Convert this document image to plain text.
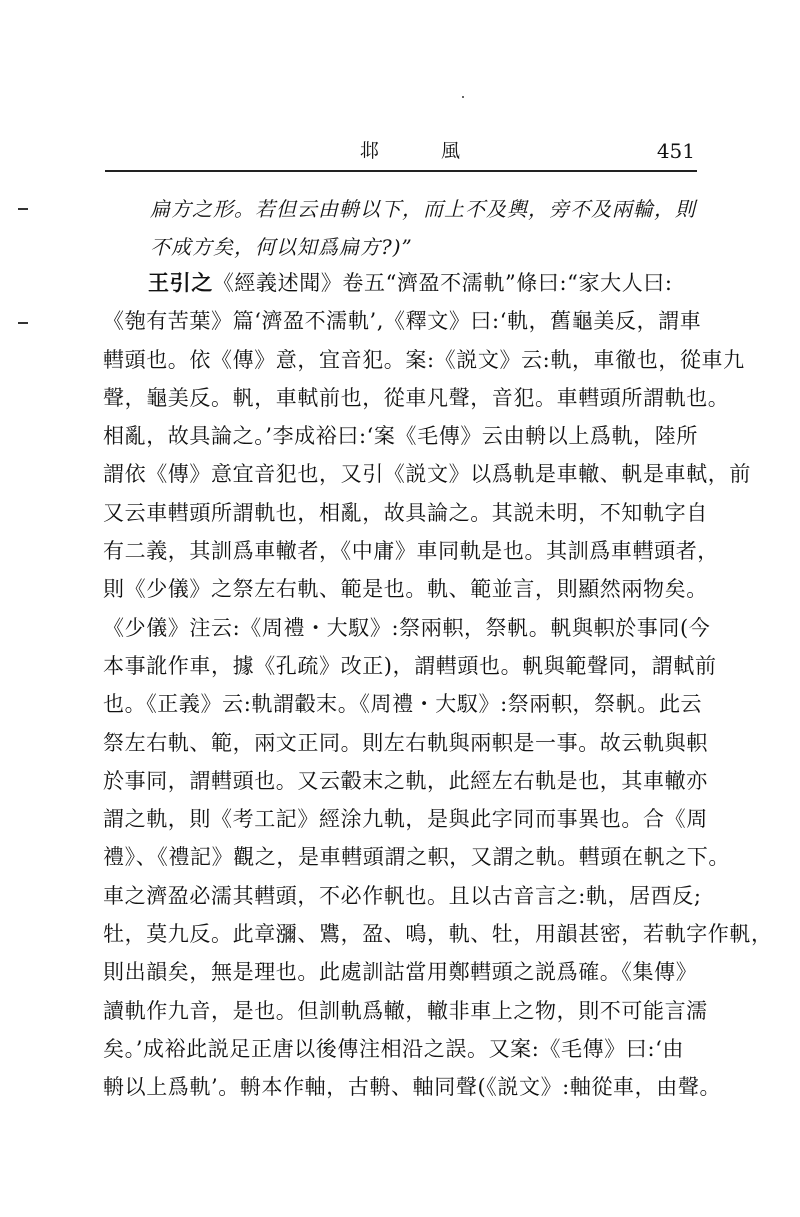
邶 風	451
扁方之形。若但云由輈以下，而上不及輿，旁不及兩輪，則
不成方矣，何以知爲扁方?)”
王引之《經義述聞》卷五“濟盈不濡軌”條曰:“家大人曰:
《匏有苦葉》篇‘濟盈不濡軌’,《釋文》曰:‘軌，舊龜美反，謂車
轊頭也。依《傳》意，宜音犯。案:《説文》云:軌，車徹也，從車九
聲，龜美反。軓，車軾前也，從車凡聲，音犯。車轊頭所謂軌也。
相亂，故具論之。’李成裕曰:‘案《毛傳》云由輈以上爲軌，陸所
謂依《傳》意宜音犯也，又引《説文》以爲軌是車轍、軓是車軾，前
又云車轊頭所謂軌也，相亂，故具論之。其説未明，不知軌字自
有二義，其訓爲車轍者，《中庸》車同軌是也。其訓爲車轊頭者，
則《少儀》之祭左右軌、範是也。軌、範並言，則顯然兩物矣。
《少儀》注云:《周禮・大馭》:祭兩軹，祭軓。軓與軹於事同(今
本事訛作車，據《孔疏》改正)，謂轊頭也。軓與範聲同，謂軾前
也。《正義》云:軌謂轂末。《周禮・大馭》:祭兩軹，祭軓。此云
祭左右軌、範，兩文正同。則左右軌與兩軹是一事。故云軌與軹
於事同，謂轊頭也。又云轂末之軌，此經左右軌是也，其車轍亦
謂之軌，則《考工記》經涂九軌，是與此字同而事異也。合《周
禮》、《禮記》觀之，是車轊頭謂之軹，又謂之軌。轊頭在軓之下。
車之濟盈必濡其轊頭，不必作軓也。且以古音言之:軌，居酉反;
牡，莫九反。此章瀰、鷕，盈、鳴，軌、牡，用韻甚密，若軌字作軓，
則出韻矣，無是理也。此處訓詁當用鄭轊頭之説爲確。《集傳》
讀軌作九音，是也。但訓軌爲轍，轍非車上之物，則不可能言濡
矣。’成裕此説足正唐以後傳注相沿之誤。又案:《毛傳》曰:‘由
輈以上爲軌’。輈本作軸，古輈、軸同聲(《説文》:軸從車，由聲。
